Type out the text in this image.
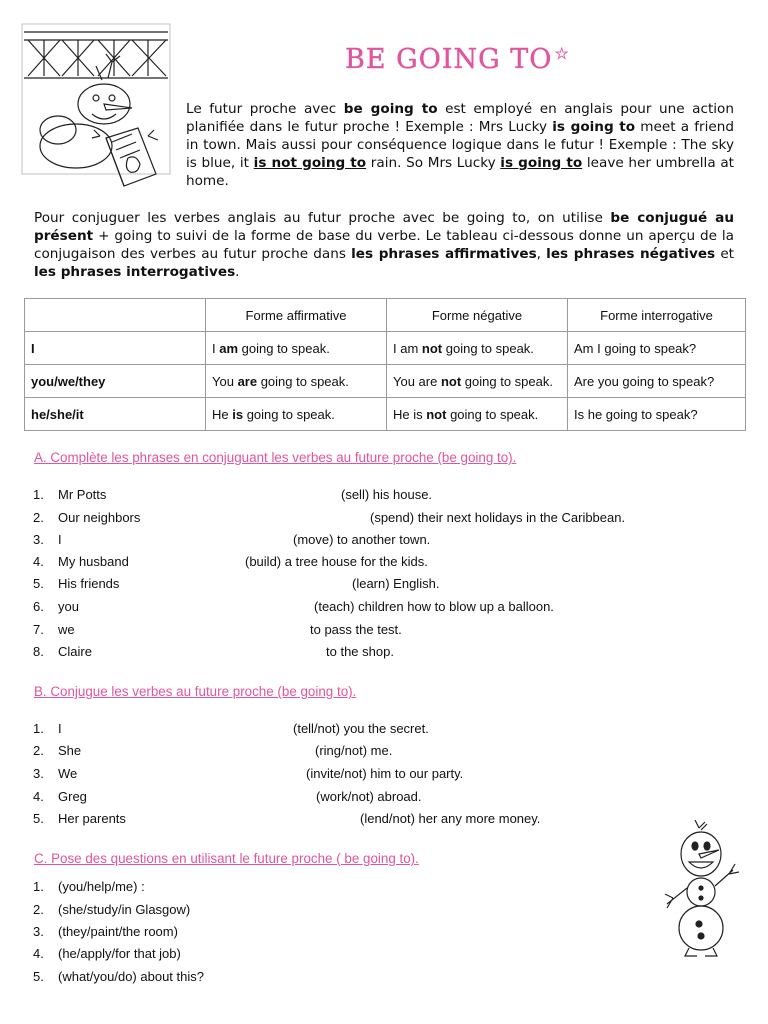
BE GOING TO ☆
Le futur proche avec be going to est employé en anglais pour une action planifiée dans le futur proche ! Exemple : Mrs Lucky is going to meet a friend in town. Mais aussi pour conséquence logique dans le futur ! Exemple : The sky is blue, it is not going to rain. So Mrs Lucky is going to leave her umbrella at home.
Pour conjuguer les verbes anglais au futur proche avec be going to, on utilise be conjugué au présent + going to suivi de la forme de base du verbe. Le tableau ci-dessous donne un aperçu de la conjugaison des verbes au futur proche dans les phrases affirmatives, les phrases négatives et les phrases interrogatives.
	Forme affirmative	Forme négative	Forme interrogative
I	I am going to speak.	I am not going to speak.	Am I going to speak?
you/we/they	You are going to speak.	You are not going to speak.	Are you going to speak?
he/she/it	He is going to speak.	He is not going to speak.	Is he going to speak?
A. Complète les phrases en conjuguant les verbes au future proche (be going to).
1. Mr Potts	(sell) his house.
2. Our neighbors	(spend) their next holidays in the Caribbean.
3. I	(move) to another town.
4. My husband	(build) a tree house for the kids.
5. His friends	(learn) English.
6. you	(teach) children how to blow up a balloon.
7. we	to pass the test.
8. Claire	to the shop.
B. Conjugue les verbes au future proche (be going to).
1. I	(tell/not) you the secret.
2. She	(ring/not) me.
3. We	(invite/not) him to our party.
4. Greg	(work/not) abroad.
5. Her parents	(lend/not) her any more money.
C. Pose des questions en utilisant le future proche ( be going to).
1. (you/help/me) :
2. (she/study/in Glasgow)
3. (they/paint/the room)
4. (he/apply/for that job)
5. (what/you/do) about this?
